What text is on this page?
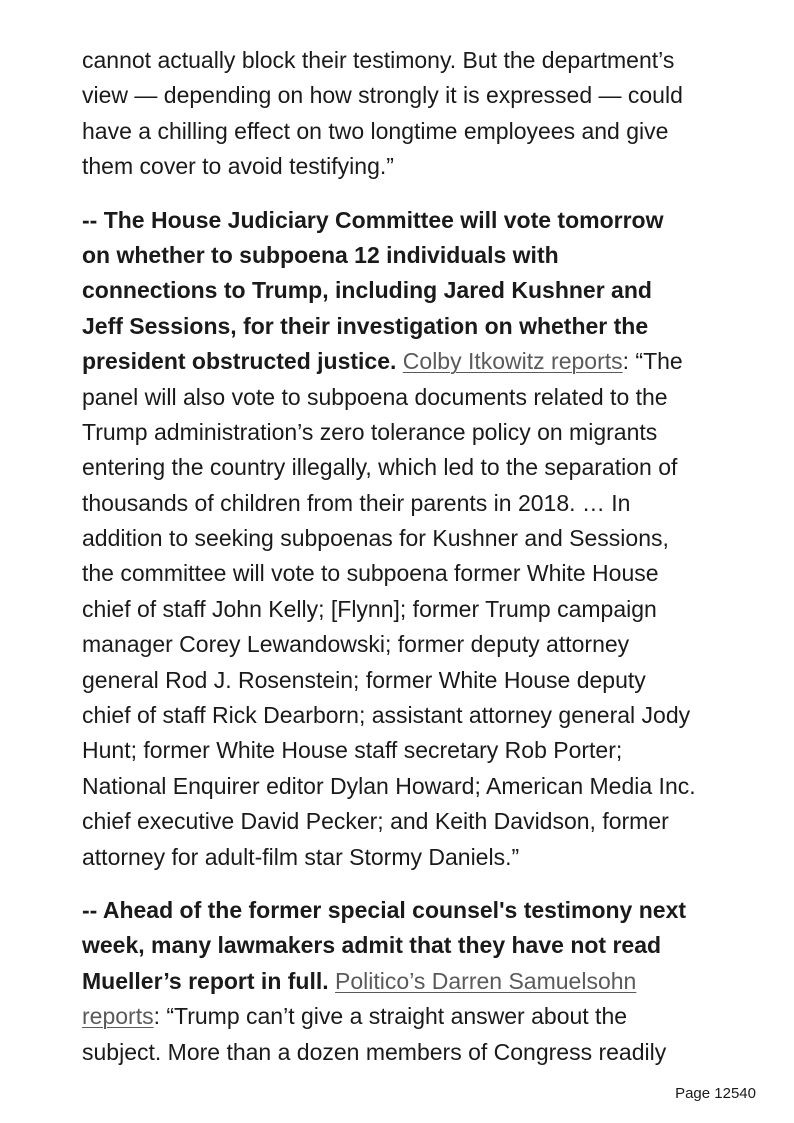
cannot actually block their testimony. But the department’s
view — depending on how strongly it is expressed — could
have a chilling effect on two longtime employees and give
them cover to avoid testifying.”
-- The House Judiciary Committee will vote tomorrow
on whether to subpoena 12 individuals with
connections to Trump, including Jared Kushner and
Jeff Sessions, for their investigation on whether the
president obstructed justice. Colby Itkowitz reports: “The
panel will also vote to subpoena documents related to the
Trump administration’s zero tolerance policy on migrants
entering the country illegally, which led to the separation of
thousands of children from their parents in 2018. … In
addition to seeking subpoenas for Kushner and Sessions,
the committee will vote to subpoena former White House
chief of staff John Kelly; [Flynn]; former Trump campaign
manager Corey Lewandowski; former deputy attorney
general Rod J. Rosenstein; former White House deputy
chief of staff Rick Dearborn; assistant attorney general Jody
Hunt; former White House staff secretary Rob Porter;
National Enquirer editor Dylan Howard; American Media Inc.
chief executive David Pecker; and Keith Davidson, former
attorney for adult-film star Stormy Daniels.”
-- Ahead of the former special counsel's testimony next
week, many lawmakers admit that they have not read
Mueller’s report in full. Politico’s Darren Samuelsohn
reports: “Trump can’t give a straight answer about the
subject. More than a dozen members of Congress readily
Page 12540
